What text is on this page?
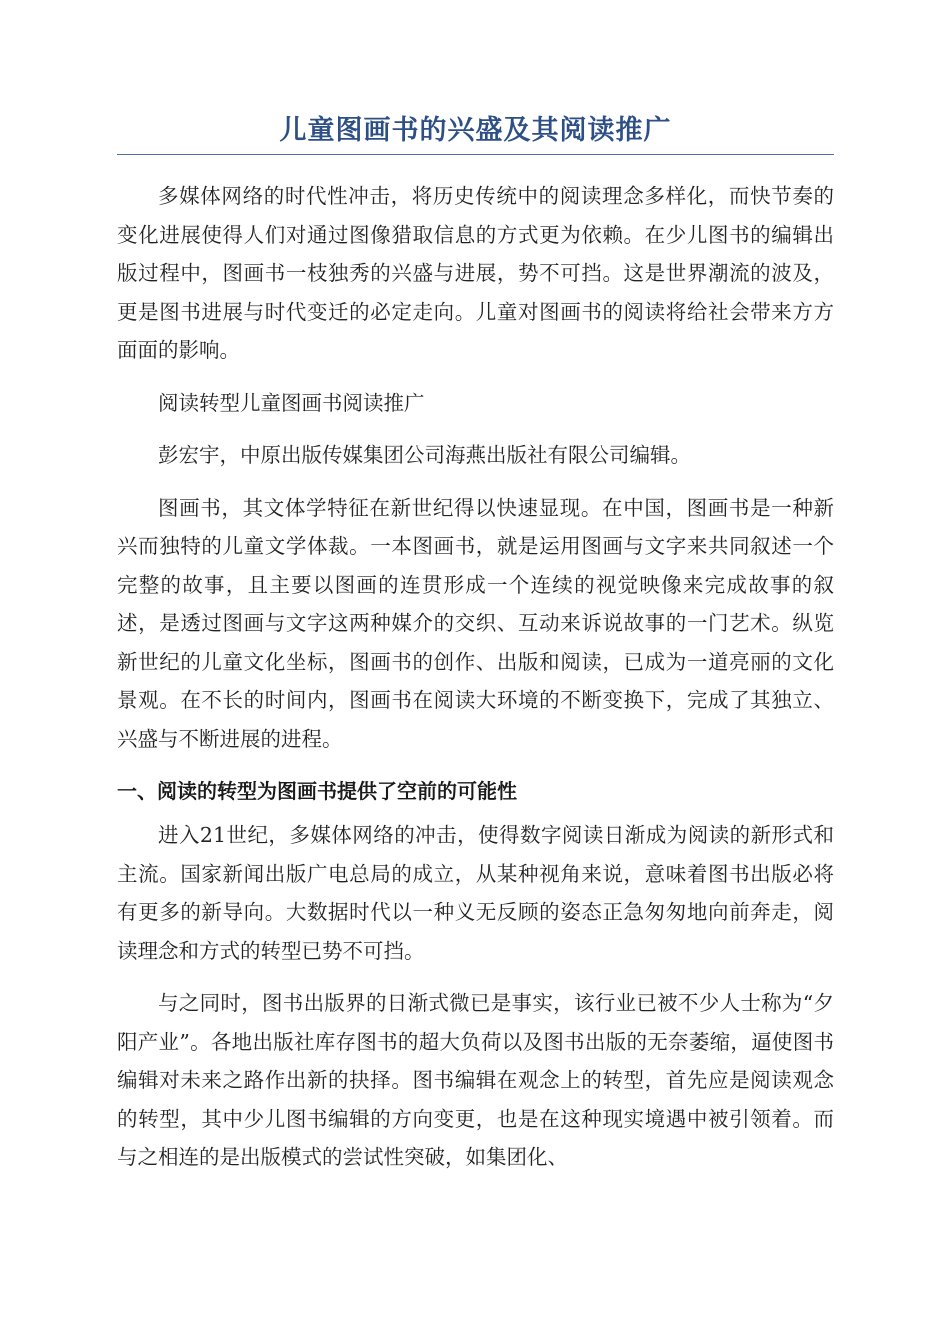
儿童图画书的兴盛及其阅读推广

多媒体网络的时代性冲击，将历史传统中的阅读理念多样化，而快节奏的变化进展使得人们对通过图像猎取信息的方式更为依赖。在少儿图书的编辑出版过程中，图画书一枝独秀的兴盛与进展，势不可挡。这是世界潮流的波及，更是图书进展与时代变迁的必定走向。儿童对图画书的阅读将给社会带来方方面面的影响。

阅读转型儿童图画书阅读推广

彭宏宇，中原出版传媒集团公司海燕出版社有限公司编辑。

图画书，其文体学特征在新世纪得以快速显现。在中国，图画书是一种新兴而独特的儿童文学体裁。一本图画书，就是运用图画与文字来共同叙述一个完整的故事，且主要以图画的连贯形成一个连续的视觉映像来完成故事的叙述，是透过图画与文字这两种媒介的交织、互动来诉说故事的一门艺术。纵览新世纪的儿童文化坐标，图画书的创作、出版和阅读，已成为一道亮丽的文化景观。在不长的时间内，图画书在阅读大环境的不断变换下，完成了其独立、兴盛与不断进展的进程。

一、阅读的转型为图画书提供了空前的可能性

进入21世纪，多媒体网络的冲击，使得数字阅读日渐成为阅读的新形式和主流。国家新闻出版广电总局的成立，从某种视角来说，意味着图书出版必将有更多的新导向。大数据时代以一种义无反顾的姿态正急匆匆地向前奔走，阅读理念和方式的转型已势不可挡。

与之同时，图书出版界的日渐式微已是事实，该行业已被不少人士称为“夕阳产业”。各地出版社库存图书的超大负荷以及图书出版的无奈萎缩，逼使图书编辑对未来之路作出新的抉择。图书编辑在观念上的转型，首先应是阅读观念的转型，其中少儿图书编辑的方向变更，也是在这种现实境遇中被引领着。而与之相连的是出版模式的尝试性突破，如集团化、
